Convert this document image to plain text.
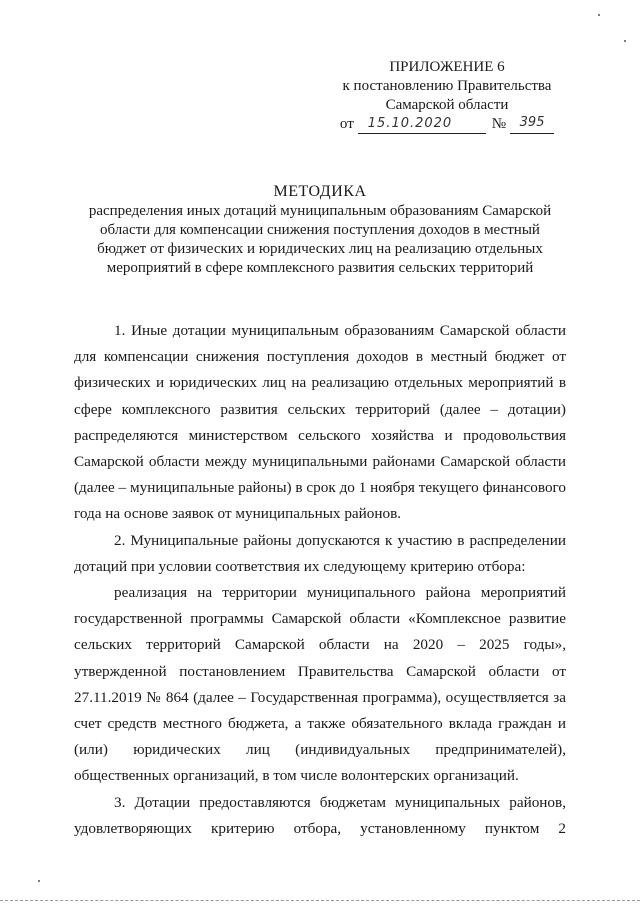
ПРИЛОЖЕНИЕ 6
к постановлению Правительства
Самарской области
от	15.10.2020	№	395
МЕТОДИКА
распределения иных дотаций муниципальным образованиям Самарской
области для компенсации снижения поступления доходов в местный
бюджет от физических и юридических лиц на реализацию отдельных
мероприятий в сфере комплексного развития сельских территорий

1. Иные дотации муниципальным образованиям Самарской области для компенсации снижения поступления доходов в местный бюджет от физических и юридических лиц на реализацию отдельных мероприятий в сфере комплексного развития сельских территорий (далее – дотации) распределяются министерством сельского хозяйства и продовольствия Самарской области между муниципальными районами Самарской области (далее – муниципальные районы) в срок до 1 ноября текущего финансового года на основе заявок от муниципальных районов.

2. Муниципальные районы допускаются к участию в распределении дотаций при условии соответствия их следующему критерию отбора:

реализация на территории муниципального района мероприятий государственной программы Самарской области «Комплексное развитие сельских территорий Самарской области на 2020 – 2025 годы», утвержденной постановлением Правительства Самарской области от 27.11.2019 № 864 (далее – Государственная программа), осуществляется за счет средств местного бюджета, а также обязательного вклада граждан и (или) юридических лиц (индивидуальных предпринимателей), общественных организаций, в том числе волонтерских организаций.

3. Дотации предоставляются бюджетам муниципальных районов, удовлетворяющих критерию отбора, установленному пунктом 2
